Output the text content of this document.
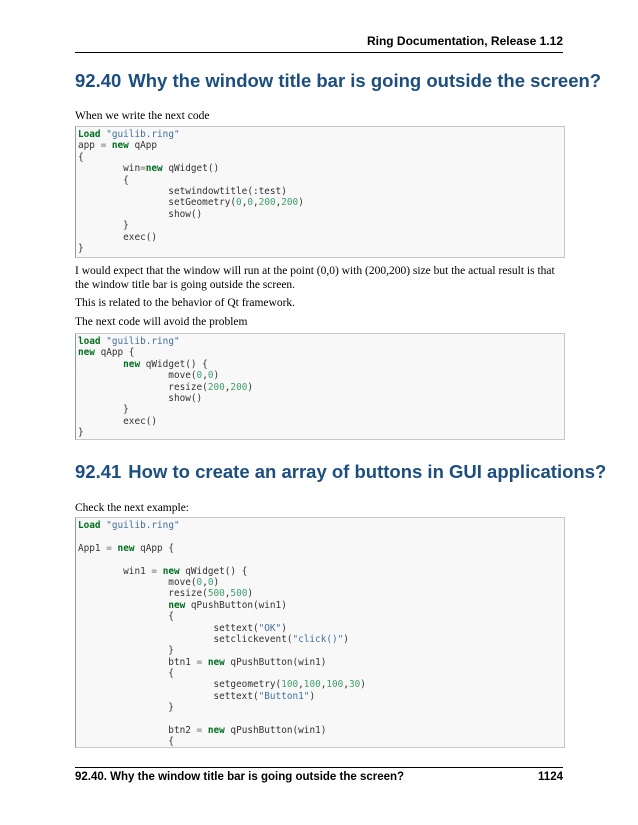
Ring Documentation, Release 1.12
92.40 Why the window title bar is going outside the screen?

When we write the next code

Load "guilib.ring"
app = new qApp
{
win=new qWidget()
{
setwindowtitle(:test)
setGeometry(0,0,200,200)
show()
}
exec()
}

I would expect that the window will run at the point (0,0) with (200,200) size but the actual result is that the window title bar is going outside the screen.

This is related to the behavior of Qt framework.

The next code will avoid the problem

load "guilib.ring"
new qApp {
new qWidget() {
move(0,0)
resize(200,200)
show()
}
exec()
}
92.41 How to create an array of buttons in GUI applications?

Check the next example:

Load "guilib.ring"
App1 = new qApp {
win1 = new qWidget() {
move(0,0)
resize(500,500)
new qPushButton(win1)
{
settext("OK")
setclickevent("click()")
}
btn1 = new qPushButton(win1)
{
setgeometry(100,100,100,30)
settext("Button1")
}
btn2 = new qPushButton(win1)
{
92.40. Why the window title bar is going outside the screen?	1124
